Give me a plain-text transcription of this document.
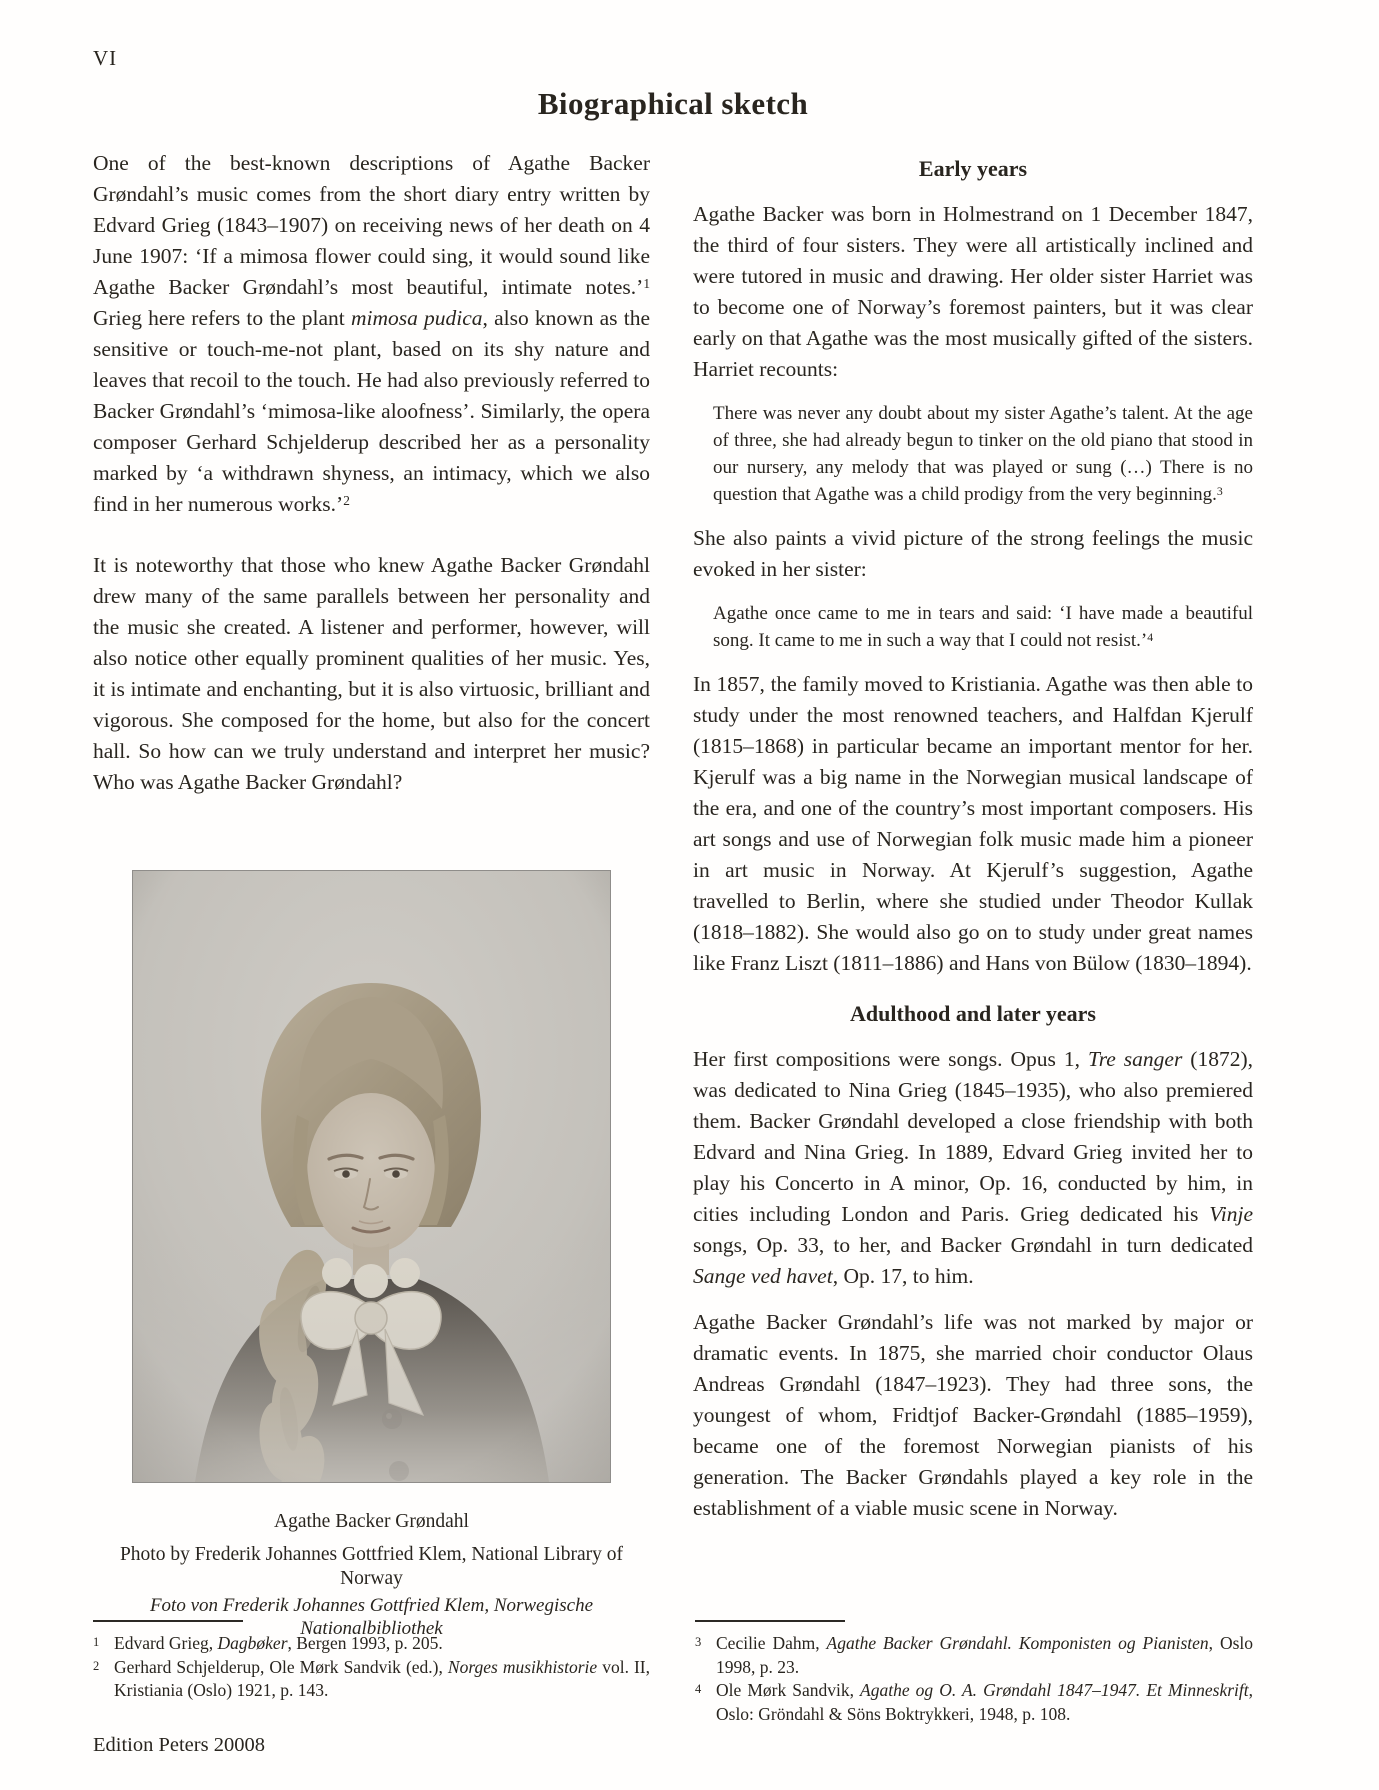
VI
Biographical sketch

One of the best-known descriptions of Agathe Backer Grøndahl’s music comes from the short diary entry written by Edvard Grieg (1843–1907) on receiving news of her death on 4 June 1907: ‘If a mimosa flower could sing, it would sound like Agathe Backer Grøndahl’s most beautiful, intimate notes.’$^1$ Grieg here refers to the plant mimosa pudica, also known as the sensitive or touch-me-not plant, based on its shy nature and leaves that recoil to the touch. He had also previously referred to Backer Grøndahl’s ‘mimosa-like aloofness’. Similarly, the opera composer Gerhard Schjelderup described her as a personality marked by ‘a withdrawn shyness, an intimacy, which we also find in her numerous works.’$^2$

It is noteworthy that those who knew Agathe Backer Grøndahl drew many of the same parallels between her personality and the music she created. A listener and performer, however, will also notice other equally prominent qualities of her music. Yes, it is intimate and enchanting, but it is also virtuosic, brilliant and vigorous. She composed for the home, but also for the concert hall. So how can we truly understand and interpret her music? Who was Agathe Backer Grøndahl?

Agathe Backer Grøndahl
Photo by Frederik Johannes Gottfried Klem, National Library of Norway
Foto von Frederik Johannes Gottfried Klem, Norwegische Nationalbibliothek
Early years

Agathe Backer was born in Holmestrand on 1 December 1847, the third of four sisters. They were all artistically inclined and were tutored in music and drawing. Her older sister Harriet was to become one of Norway’s foremost painters, but it was clear early on that Agathe was the most musically gifted of the sisters. Harriet recounts:

There was never any doubt about my sister Agathe’s talent. At the age of three, she had already begun to tinker on the old piano that stood in our nursery, any melody that was played or sung (…) There is no question that Agathe was a child prodigy from the very beginning.$^3$

She also paints a vivid picture of the strong feelings the music evoked in her sister:

Agathe once came to me in tears and said: ‘I have made a beautiful song. It came to me in such a way that I could not resist.’$^4$

In 1857, the family moved to Kristiania. Agathe was then able to study under the most renowned teachers, and Halfdan Kjerulf (1815–1868) in particular became an important mentor for her. Kjerulf was a big name in the Norwegian musical landscape of the era, and one of the country’s most important composers. His art songs and use of Norwegian folk music made him a pioneer in art music in Norway. At Kjerulf’s suggestion, Agathe travelled to Berlin, where she studied under Theodor Kullak (1818–1882). She would also go on to study under great names like Franz Liszt (1811–1886) and Hans von Bülow (1830–1894).

Adulthood and later years

Her first compositions were songs. Opus 1, Tre sanger (1872), was dedicated to Nina Grieg (1845–1935), who also premiered them. Backer Grøndahl developed a close friendship with both Edvard and Nina Grieg. In 1889, Edvard Grieg invited her to play his Concerto in A minor, Op. 16, conducted by him, in cities including London and Paris. Grieg dedicated his Vinje songs, Op. 33, to her, and Backer Grøndahl in turn dedicated Sange ved havet, Op. 17, to him.

Agathe Backer Grøndahl’s life was not marked by major or dramatic events. In 1875, she married choir conductor Olaus Andreas Grøndahl (1847–1923). They had three sons, the youngest of whom, Fridtjof Backer-Grøndahl (1885–1959), became one of the foremost Norwegian pianists of his generation. The Backer Grøndahls played a key role in the establishment of a viable music scene in Norway.

1 Edvard Grieg, Dagbøker, Bergen 1993, p. 205.
2 Gerhard Schjelderup, Ole Mørk Sandvik (ed.), Norges musikhistorie vol. II, Kristiania (Oslo) 1921, p. 143.
3 Cecilie Dahm, Agathe Backer Grøndahl. Komponisten og Pianisten, Oslo 1998, p. 23.
4 Ole Mørk Sandvik, Agathe og O. A. Grøndahl 1847–1947. Et Minneskrift, Oslo: Gröndahl & Söns Boktrykkeri, 1948, p. 108.
Edition Peters 20008
